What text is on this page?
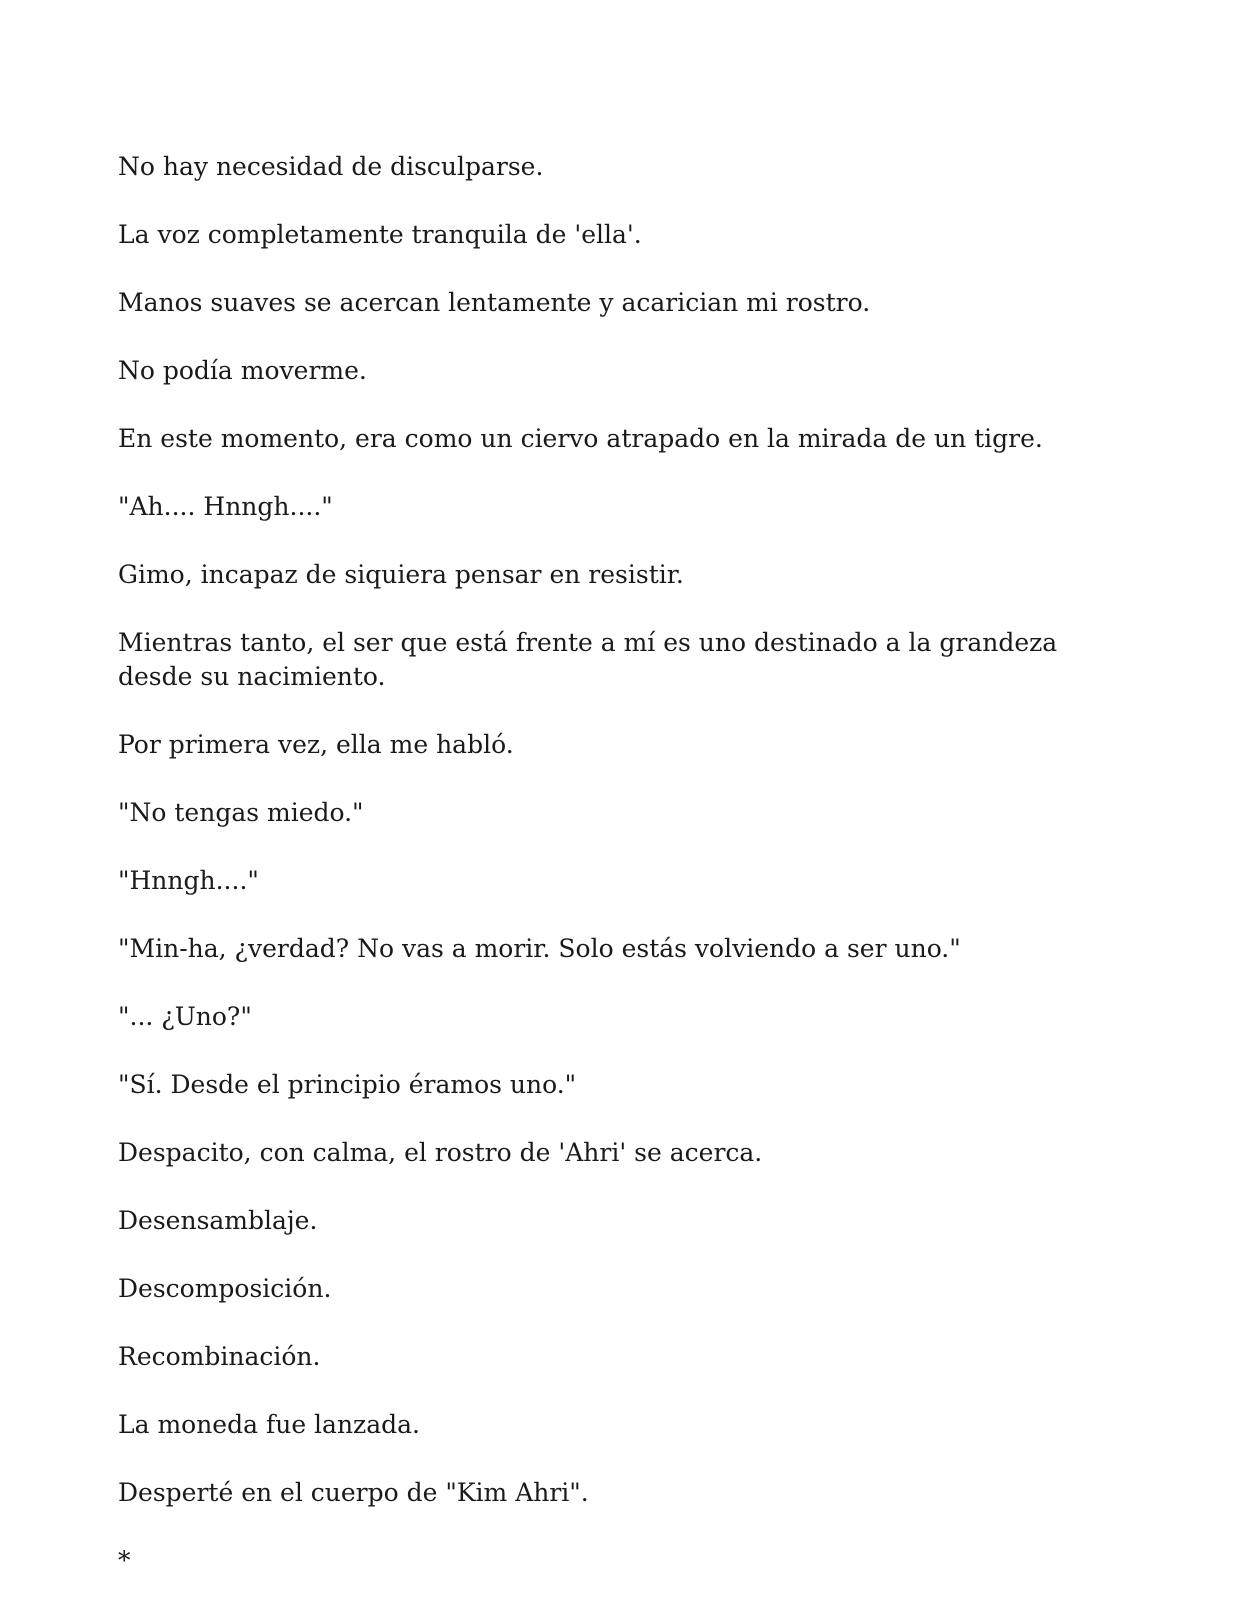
No hay necesidad de disculparse.

La voz completamente tranquila de 'ella'.

Manos suaves se acercan lentamente y acarician mi rostro.

No podía moverme.

En este momento, era como un ciervo atrapado en la mirada de un tigre.

"Ah.... Hnngh...."

Gimo, incapaz de siquiera pensar en resistir.

Mientras tanto, el ser que está frente a mí es uno destinado a la grandeza desde su nacimiento.

Por primera vez, ella me habló.

"No tengas miedo."

"Hnngh...."

"Min-ha, ¿verdad? No vas a morir. Solo estás volviendo a ser uno."

"... ¿Uno?"

"Sí. Desde el principio éramos uno."

Despacito, con calma, el rostro de 'Ahri' se acerca.

Desensamblaje.

Descomposición.

Recombinación.

La moneda fue lanzada.

Desperté en el cuerpo de "Kim Ahri".

*
